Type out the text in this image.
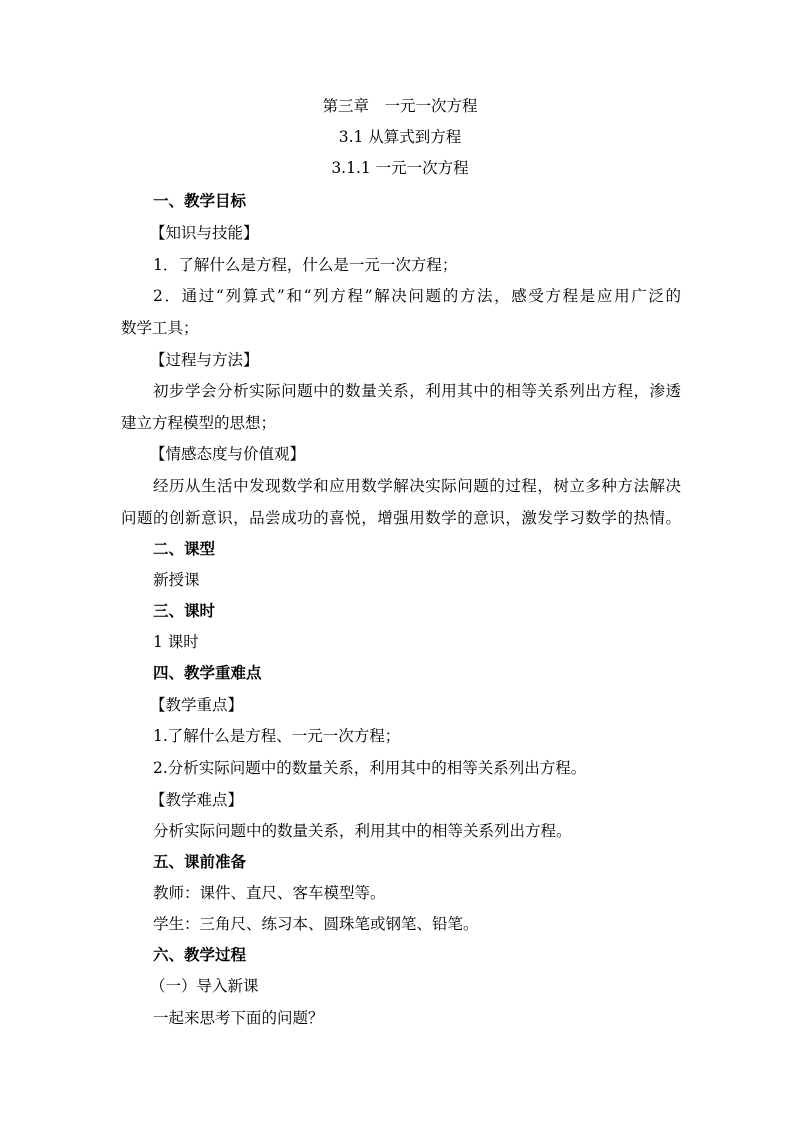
第三章　一元一次方程
3.1 从算式到方程
3.1.1 一元一次方程
一、教学目标
【知识与技能】
1．了解什么是方程，什么是一元一次方程；
2．通过“列算式”和“列方程”解决问题的方法，感受方程是应用广泛的
数学工具；
【过程与方法】
初步学会分析实际问题中的数量关系，利用其中的相等关系列出方程，渗透
建立方程模型的思想；
【情感态度与价值观】
经历从生活中发现数学和应用数学解决实际问题的过程，树立多种方法解决
问题的创新意识，品尝成功的喜悦，增强用数学的意识，激发学习数学的热情。
二、课型
新授课
三、课时
1 课时
四、教学重难点
【教学重点】
1.了解什么是方程、一元一次方程；
2.分析实际问题中的数量关系，利用其中的相等关系列出方程。
【教学难点】
分析实际问题中的数量关系，利用其中的相等关系列出方程。
五、课前准备
教师：课件、直尺、客车模型等。
学生：三角尺、练习本、圆珠笔或钢笔、铅笔。
六、教学过程
（一）导入新课
一起来思考下面的问题？
